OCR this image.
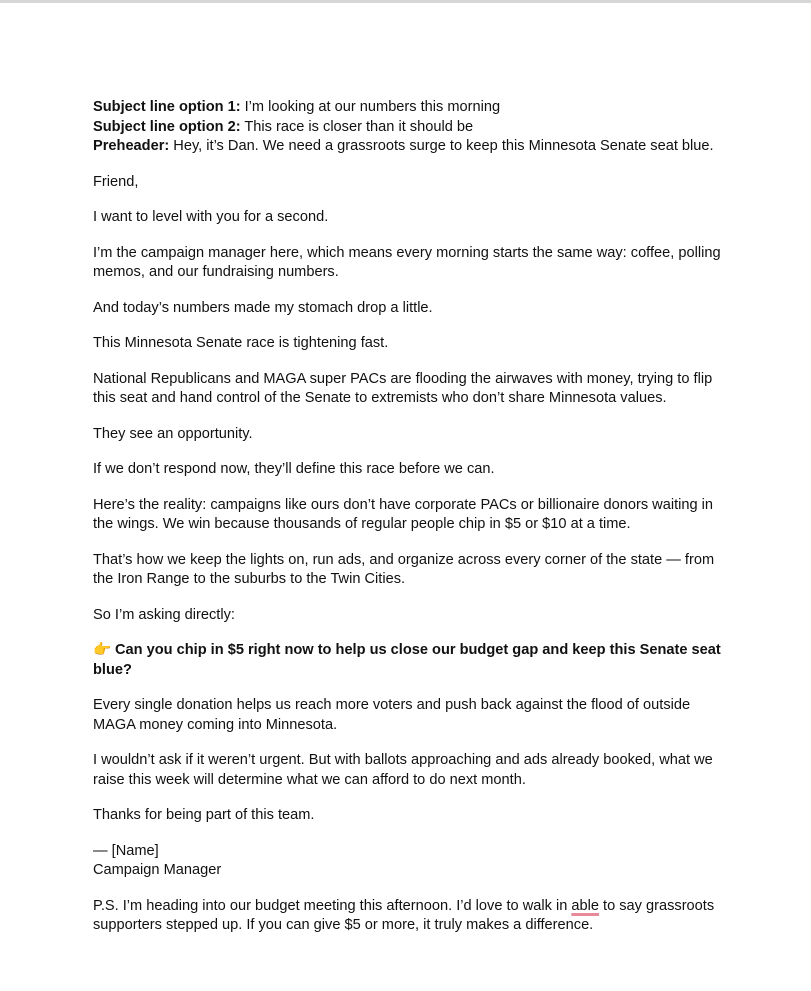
Subject line option 1: I’m looking at our numbers this morning
Subject line option 2: This race is closer than it should be
Preheader: Hey, it’s Dan. We need a grassroots surge to keep this Minnesota Senate seat blue.

Friend,

I want to level with you for a second.

I’m the campaign manager here, which means every morning starts the same way: coffee, polling memos, and our fundraising numbers.

And today’s numbers made my stomach drop a little.

This Minnesota Senate race is tightening fast.

National Republicans and MAGA super PACs are flooding the airwaves with money, trying to flip this seat and hand control of the Senate to extremists who don’t share Minnesota values.

They see an opportunity.

If we don’t respond now, they’ll define this race before we can.

Here’s the reality: campaigns like ours don’t have corporate PACs or billionaire donors waiting in the wings. We win because thousands of regular people chip in $5 or $10 at a time.

That’s how we keep the lights on, run ads, and organize across every corner of the state — from the Iron Range to the suburbs to the Twin Cities.

So I’m asking directly:

👉 Can you chip in $5 right now to help us close our budget gap and keep this Senate seat blue?

Every single donation helps us reach more voters and push back against the flood of outside MAGA money coming into Minnesota.

I wouldn’t ask if it weren’t urgent. But with ballots approaching and ads already booked, what we raise this week will determine what we can afford to do next month.

Thanks for being part of this team.

— [Name]
Campaign Manager

P.S. I’m heading into our budget meeting this afternoon. I’d love to walk in able to say grassroots supporters stepped up. If you can give $5 or more, it truly makes a difference.
